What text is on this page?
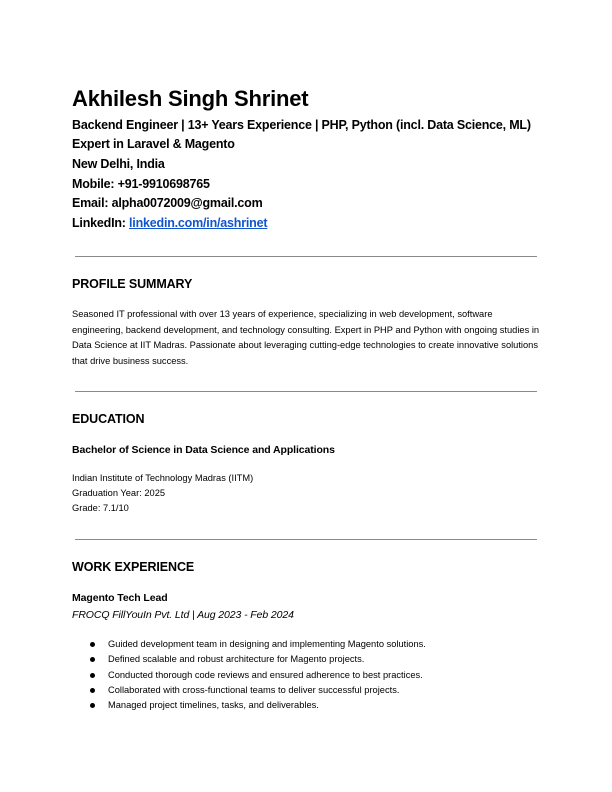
Akhilesh Singh Shrinet
Backend Engineer | 13+ Years Experience | PHP, Python (incl. Data Science, ML)
Expert in Laravel & Magento
New Delhi, India
Mobile: +91-9910698765
Email: alpha0072009@gmail.com
LinkedIn: linkedin.com/in/ashrinet
PROFILE SUMMARY
Seasoned IT professional with over 13 years of experience, specializing in web development, software engineering, backend development, and technology consulting. Expert in PHP and Python with ongoing studies in Data Science at IIT Madras. Passionate about leveraging cutting-edge technologies to create innovative solutions that drive business success.
EDUCATION
Bachelor of Science in Data Science and Applications
Indian Institute of Technology Madras (IITM)
Graduation Year: 2025
Grade: 7.1/10
WORK EXPERIENCE
Magento Tech Lead
FROCQ FillYouIn Pvt. Ltd | Aug 2023 - Feb 2024
Guided development team in designing and implementing Magento solutions.
Defined scalable and robust architecture for Magento projects.
Conducted thorough code reviews and ensured adherence to best practices.
Collaborated with cross-functional teams to deliver successful projects.
Managed project timelines, tasks, and deliverables.
